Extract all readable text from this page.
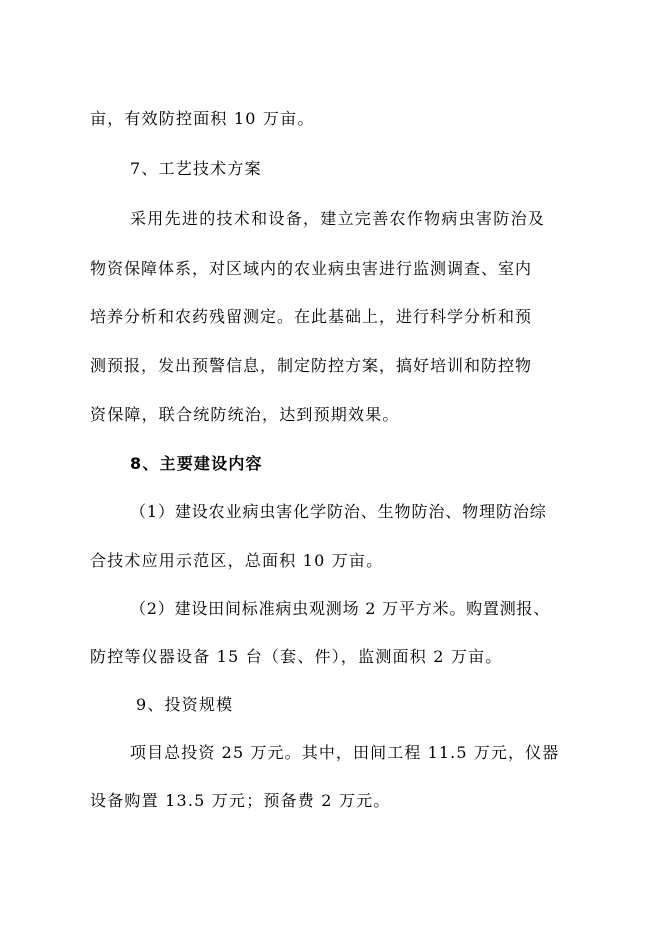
亩，有效防控面积 10 万亩。
7、工艺技术方案
采用先进的技术和设备，建立完善农作物病虫害防治及
物资保障体系，对区域内的农业病虫害进行监测调查、室内
培养分析和农药残留测定。在此基础上，进行科学分析和预
测预报，发出预警信息，制定防控方案，搞好培训和防控物
资保障，联合统防统治，达到预期效果。
8、主要建设内容
（1）建设农业病虫害化学防治、生物防治、物理防治综
合技术应用示范区，总面积 10 万亩。
（2）建设田间标准病虫观测场 2 万平方米。购置测报、
防控等仪器设备 15 台（套、件），监测面积 2 万亩。
9、投资规模
项目总投资 25 万元。其中，田间工程 11.5 万元，仪器
设备购置 13.5 万元；预备费 2 万元。
